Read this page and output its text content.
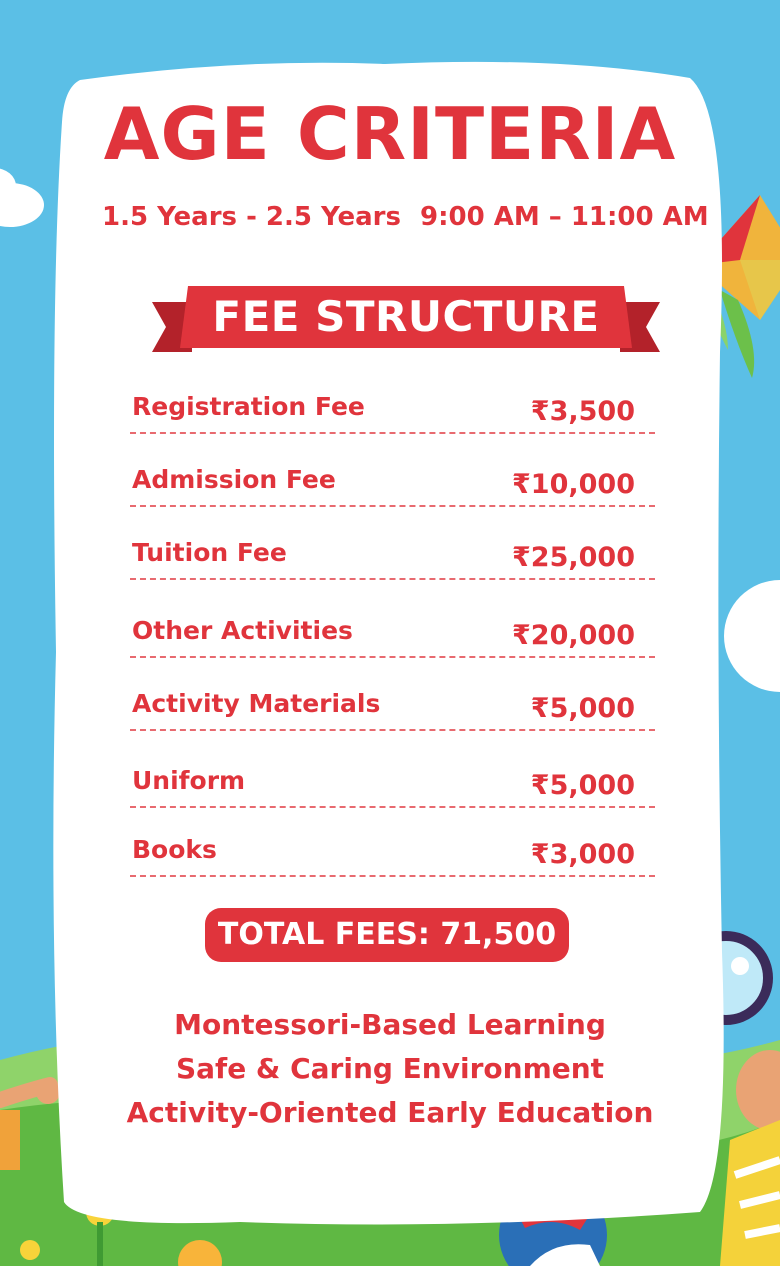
AGE CRITERIA
1.5 Years - 2.5 Years 9:00 AM – 11:00 AM
FEE STRUCTURE
Registration Fee	₹3,500
Admission Fee	₹10,000
Tuition Fee	₹25,000
Other Activities	₹20,000
Activity Materials	₹5,000
Uniform	₹5,000
Books	₹3,000
TOTAL FEES: 71,500
Montessori-Based Learning
Safe & Caring Environment
Activity-Oriented Early Education
